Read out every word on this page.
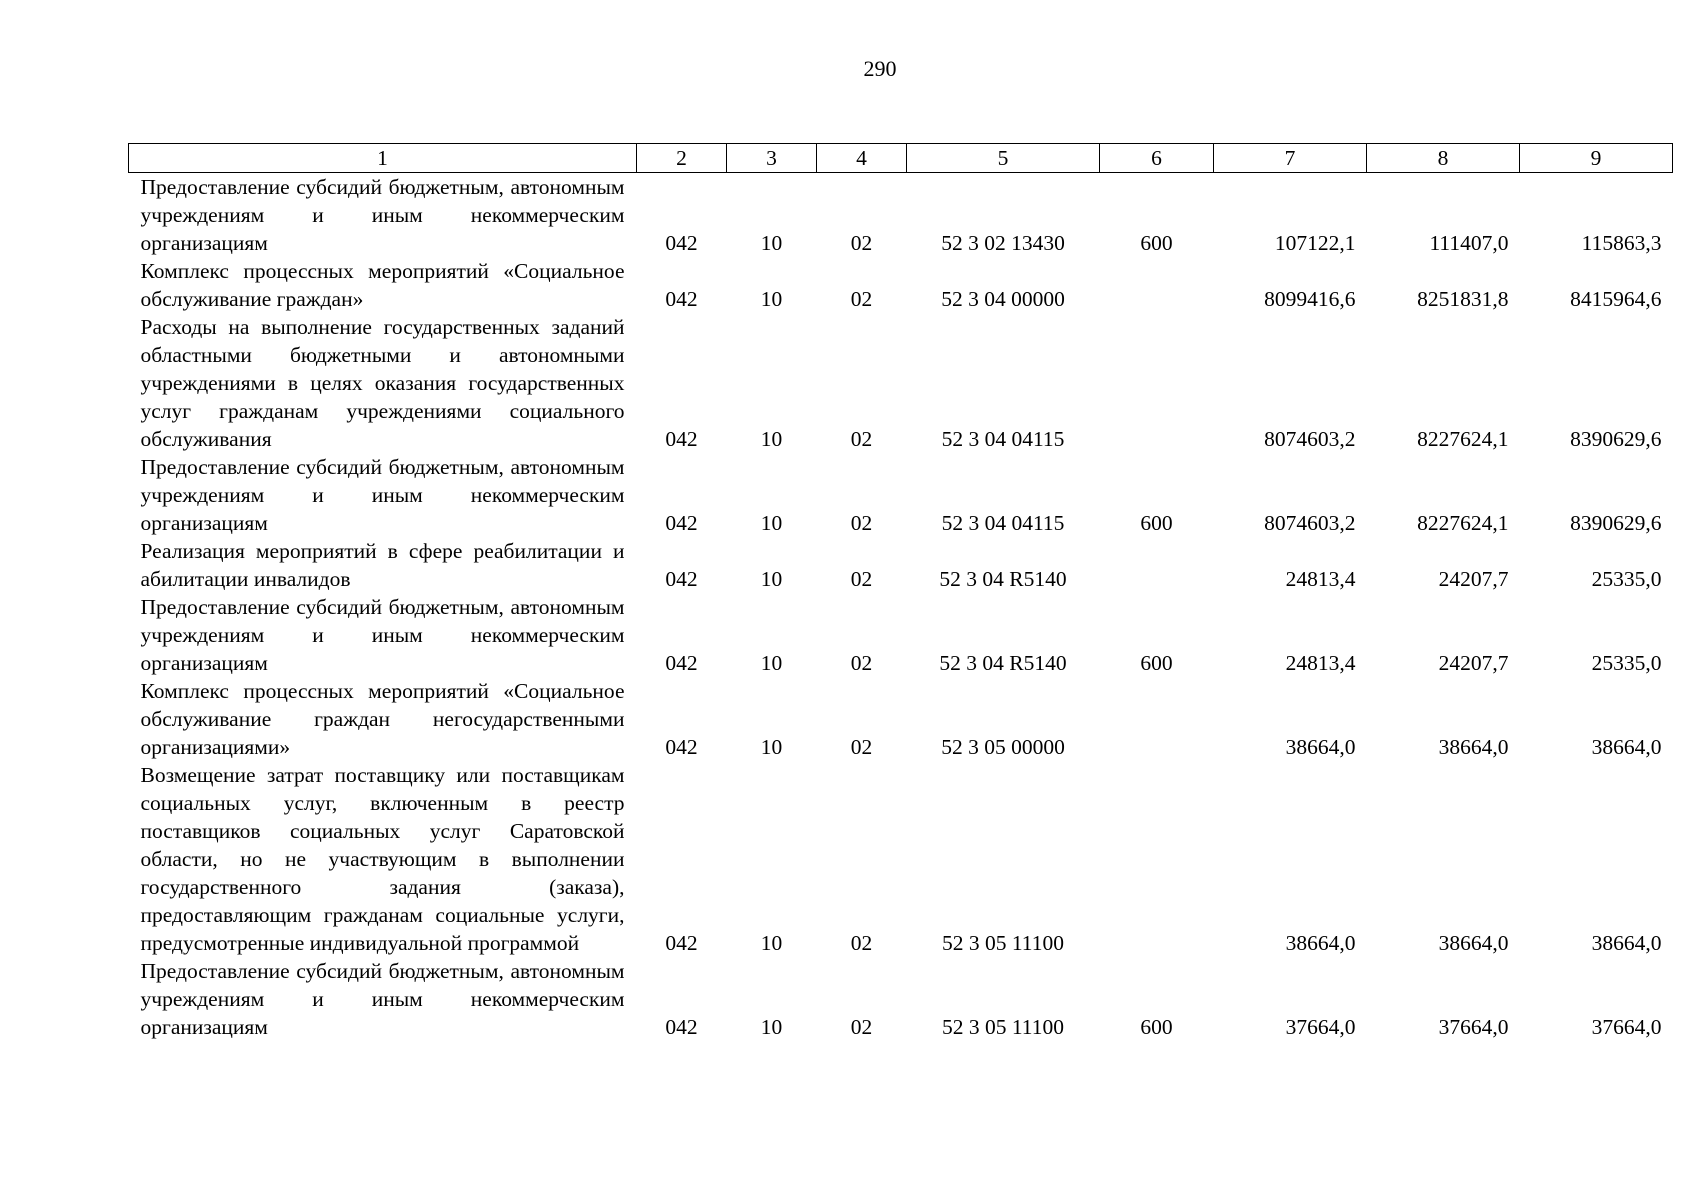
290
1	2	3	4	5	6	7	8	9
Предоставление субсидий бюджетным, автономным учреждениям и иным некоммерческим организациям	042	10	02	52 3 02 13430	600	107122,1	111407,0	115863,3
Комплекс процессных мероприятий «Социальное обслуживание граждан»	042	10	02	52 3 04 00000		8099416,6	8251831,8	8415964,6
Расходы на выполнение государственных заданий областными бюджетными и автономными учреждениями в целях оказания государственных услуг гражданам учреждениями социального обслуживания	042	10	02	52 3 04 04115		8074603,2	8227624,1	8390629,6
Предоставление субсидий бюджетным, автономным учреждениям и иным некоммерческим организациям	042	10	02	52 3 04 04115	600	8074603,2	8227624,1	8390629,6
Реализация мероприятий в сфере реабилитации и абилитации инвалидов	042	10	02	52 3 04 R5140		24813,4	24207,7	25335,0
Предоставление субсидий бюджетным, автономным учреждениям и иным некоммерческим организациям	042	10	02	52 3 04 R5140	600	24813,4	24207,7	25335,0
Комплекс процессных мероприятий «Социальное обслуживание граждан негосударственными организациями»	042	10	02	52 3 05 00000		38664,0	38664,0	38664,0
Возмещение затрат поставщику или поставщикам социальных услуг, включенным в реестр поставщиков социальных услуг Саратовской области, но не участвующим в выполнении государственного задания (заказа), предоставляющим гражданам социальные услуги, предусмотренные индивидуальной программой	042	10	02	52 3 05 11100		38664,0	38664,0	38664,0
Предоставление субсидий бюджетным, автономным учреждениям и иным некоммерческим организациям	042	10	02	52 3 05 11100	600	37664,0	37664,0	37664,0
